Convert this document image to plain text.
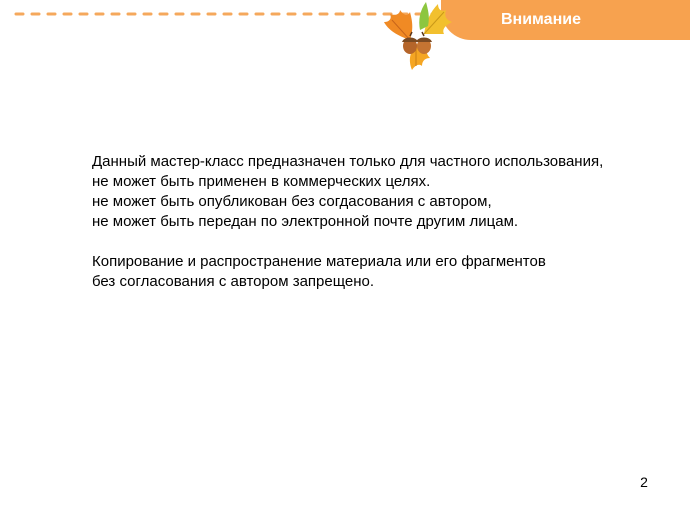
Внимание

Данный мастер-класс предназначен только для частного использования,
не может быть применен в коммерческих целях.
не может быть опубликован без согдасования с автором,
не может быть передан по электронной почте другим лицам.

Копирование и распространение материала или его фрагментов
без согласования с автором запрещено.

2
